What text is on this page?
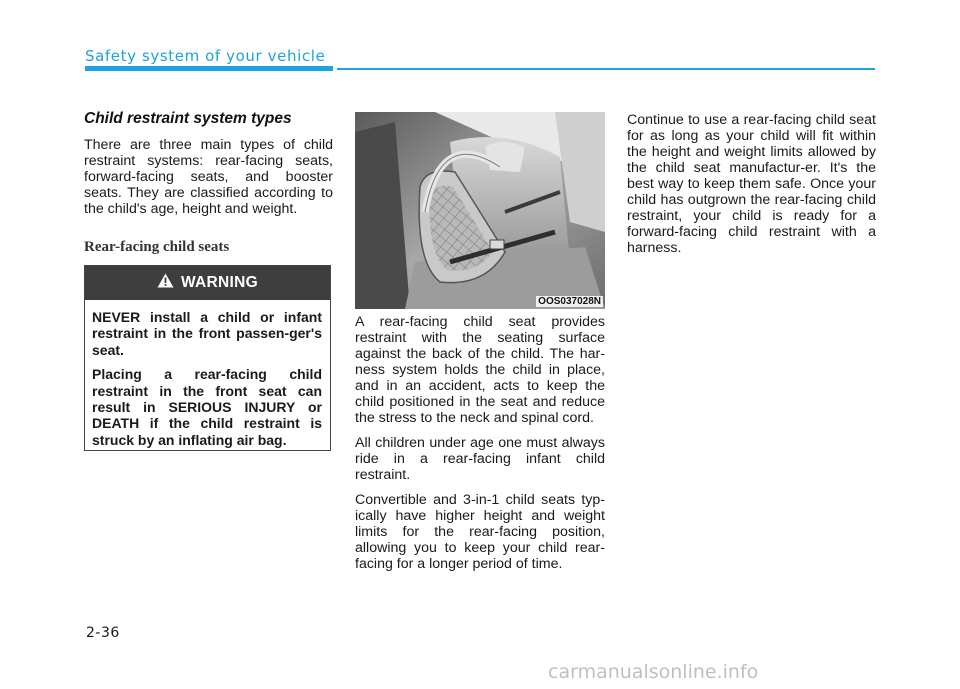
Safety system of your vehicle
Child restraint system types

There are three main types of child restraint systems: rear-facing seats, forward-facing seats, and booster seats. They are classified according to the child's age, height and weight.

Rear-facing child seats
WARNING

NEVER install a child or infant restraint in the front passen-ger's seat.

Placing a rear-facing child restraint in the front seat can result in SERIOUS INJURY or DEATH if the child restraint is struck by an inflating air bag.

OOS037028N

A rear-facing child seat provides restraint with the seating surface against the back of the child. The har-ness system holds the child in place, and in an accident, acts to keep the child positioned in the seat and reduce the stress to the neck and spinal cord.

All children under age one must always ride in a rear-facing infant child restraint.

Convertible and 3-in-1 child seats typ-ically have higher height and weight limits for the rear-facing position, allowing you to keep your child rear-facing for a longer period of time.

Continue to use a rear-facing child seat for as long as your child will fit within the height and weight limits allowed by the child seat manufactur-er. It's the best way to keep them safe. Once your child has outgrown the rear-facing child restraint, your child is ready for a forward-facing child restraint with a harness.

2-36
carmanualsonline.info
